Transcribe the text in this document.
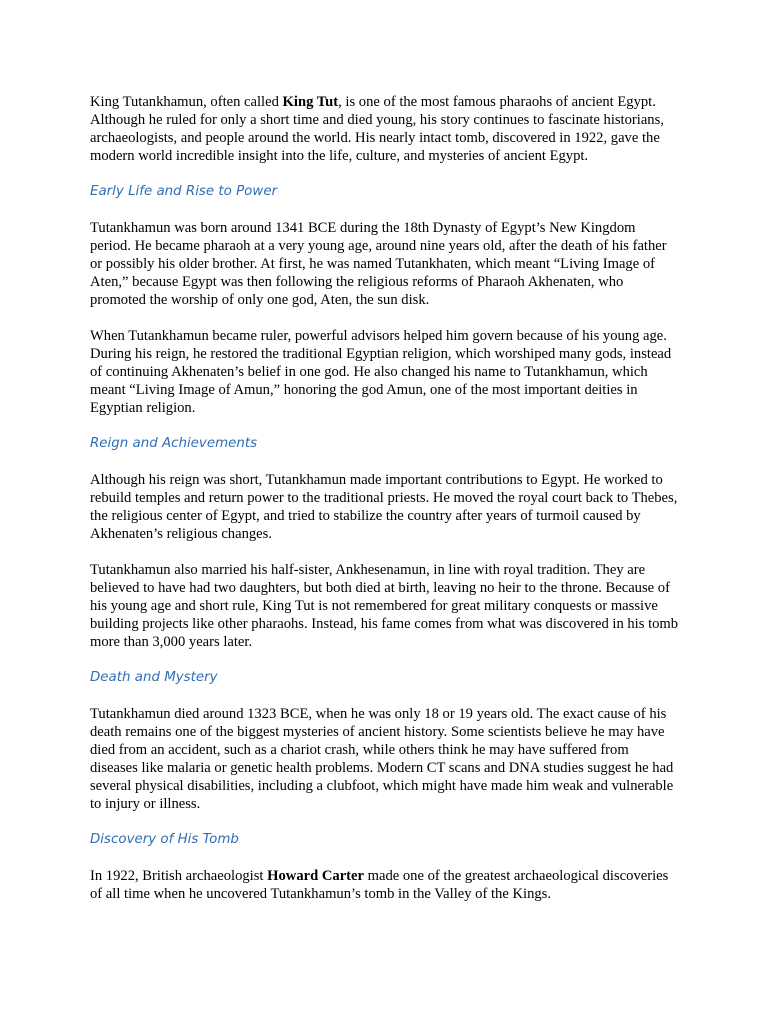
King Tutankhamun, often called King Tut, is one of the most famous pharaohs of ancient Egypt. Although he ruled for only a short time and died young, his story continues to fascinate historians, archaeologists, and people around the world. His nearly intact tomb, discovered in 1922, gave the modern world incredible insight into the life, culture, and mysteries of ancient Egypt.

Early Life and Rise to Power

Tutankhamun was born around 1341 BCE during the 18th Dynasty of Egypt’s New Kingdom period. He became pharaoh at a very young age, around nine years old, after the death of his father or possibly his older brother. At first, he was named Tutankhaten, which meant “Living Image of Aten,” because Egypt was then following the religious reforms of Pharaoh Akhenaten, who promoted the worship of only one god, Aten, the sun disk.

When Tutankhamun became ruler, powerful advisors helped him govern because of his young age. During his reign, he restored the traditional Egyptian religion, which worshiped many gods, instead of continuing Akhenaten’s belief in one god. He also changed his name to Tutankhamun, which meant “Living Image of Amun,” honoring the god Amun, one of the most important deities in Egyptian religion.

Reign and Achievements

Although his reign was short, Tutankhamun made important contributions to Egypt. He worked to rebuild temples and return power to the traditional priests. He moved the royal court back to Thebes, the religious center of Egypt, and tried to stabilize the country after years of turmoil caused by Akhenaten’s religious changes.

Tutankhamun also married his half-sister, Ankhesenamun, in line with royal tradition. They are believed to have had two daughters, but both died at birth, leaving no heir to the throne. Because of his young age and short rule, King Tut is not remembered for great military conquests or massive building projects like other pharaohs. Instead, his fame comes from what was discovered in his tomb more than 3,000 years later.

Death and Mystery

Tutankhamun died around 1323 BCE, when he was only 18 or 19 years old. The exact cause of his death remains one of the biggest mysteries of ancient history. Some scientists believe he may have died from an accident, such as a chariot crash, while others think he may have suffered from diseases like malaria or genetic health problems. Modern CT scans and DNA studies suggest he had several physical disabilities, including a clubfoot, which might have made him weak and vulnerable to injury or illness.

Discovery of His Tomb

In 1922, British archaeologist Howard Carter made one of the greatest archaeological discoveries of all time when he uncovered Tutankhamun’s tomb in the Valley of the Kings.
